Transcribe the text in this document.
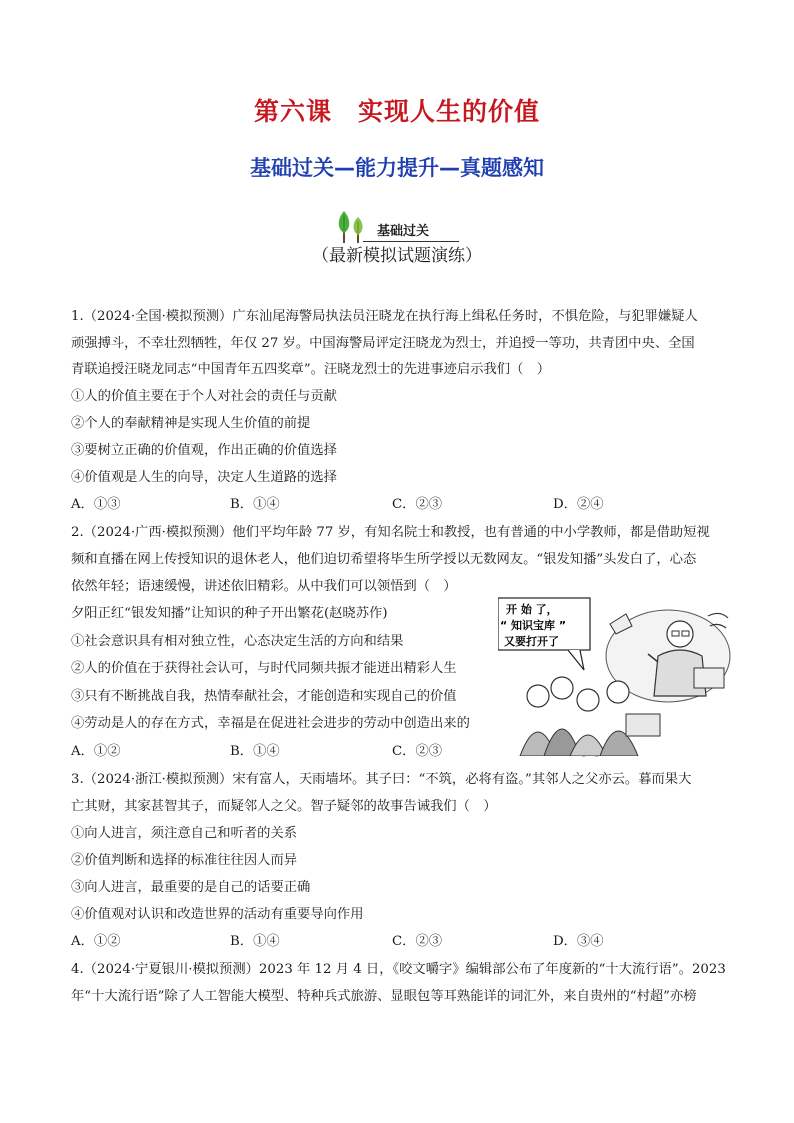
第六课　实现人生的价值
基础过关—能力提升—真题感知
基础过关
（最新模拟试题演练）
1.（2024·全国·模拟预测）广东汕尾海警局执法员汪晓龙在执行海上缉私任务时，不惧危险，与犯罪嫌疑人
顽强搏斗，不幸壮烈牺牲，年仅 27 岁。中国海警局评定汪晓龙为烈士，并追授一等功，共青团中央、全国
青联追授汪晓龙同志“中国青年五四奖章”。汪晓龙烈士的先进事迹启示我们（　）
①人的价值主要在于个人对社会的责任与贡献
②个人的奉献精神是实现人生价值的前提
③要树立正确的价值观，作出正确的价值选择
④价值观是人生的向导，决定人生道路的选择
A．①③	B．①④	C．②③	D．②④
2.（2024·广西·模拟预测）他们平均年龄 77 岁，有知名院士和教授，也有普通的中小学教师，都是借助短视
频和直播在网上传授知识的退休老人，他们迫切希望将毕生所学授以无数网友。“银发知播”头发白了，心态
依然年轻；语速缓慢，讲述依旧精彩。从中我们可以领悟到（　）
夕阳正红“银发知播”让知识的种子开出繁花(赵晓苏作)
①社会意识具有相对独立性，心态决定生活的方向和结果
②人的价值在于获得社会认可，与时代同频共振才能迸出精彩人生
③只有不断挑战自我，热情奉献社会，才能创造和实现自己的价值
④劳动是人的存在方式，幸福是在促进社会进步的劳动中创造出来的
A．①②	B．①④	C．②③
开 始 了，
“ 知识宝库 ”
又要打开了
3.（2024·浙江·模拟预测）宋有富人，天雨墙坏。其子曰：“不筑，必将有盗。”其邻人之父亦云。暮而果大
亡其财，其家甚智其子，而疑邻人之父。智子疑邻的故事告诫我们（　）
①向人进言，须注意自己和听者的关系
②价值判断和选择的标准往往因人而异
③向人进言，最重要的是自己的话要正确
④价值观对认识和改造世界的活动有重要导向作用
A．①②	B．①④	C．②③	D．③④
4.（2024·宁夏银川·模拟预测）2023 年 12 月 4 日，《咬文嚼字》编辑部公布了年度新的“十大流行语”。2023
年“十大流行语”除了人工智能大模型、特种兵式旅游、显眼包等耳熟能详的词汇外，来自贵州的“村超”亦榜
